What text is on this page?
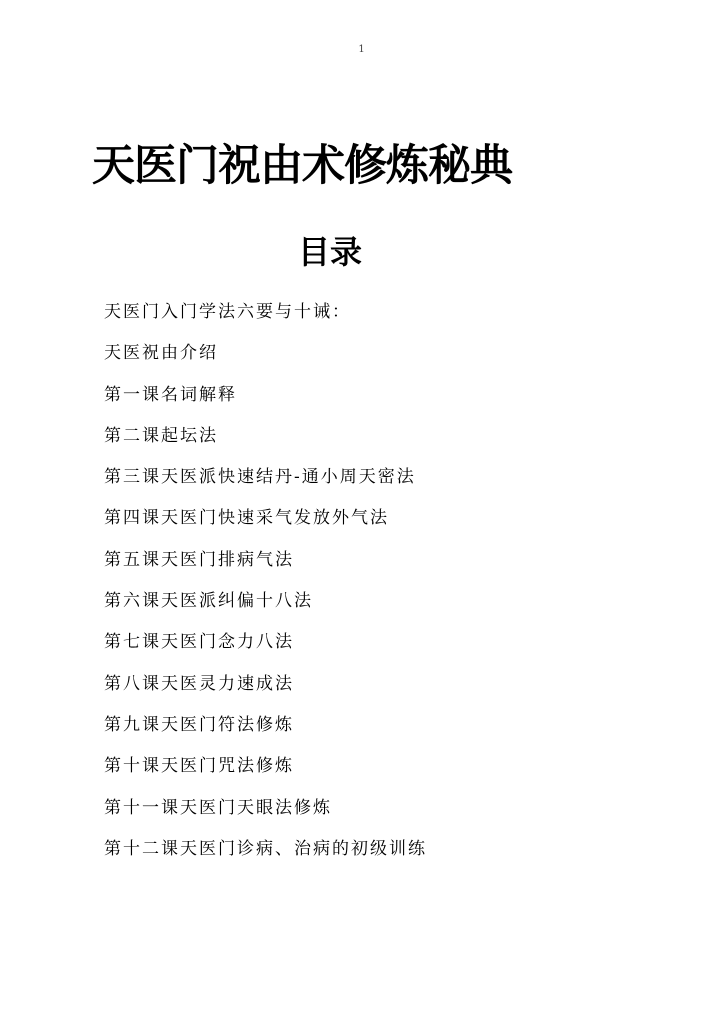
1
天医门祝由术修炼秘典
目录
天医门入门学法六要与十诫：
天医祝由介绍
第一课名词解释
第二课起坛法
第三课天医派快速结丹-通小周天密法
第四课天医门快速采气发放外气法
第五课天医门排病气法
第六课天医派纠偏十八法
第七课天医门念力八法
第八课天医灵力速成法
第九课天医门符法修炼
第十课天医门咒法修炼
第十一课天医门天眼法修炼
第十二课天医门诊病、治病的初级训练
